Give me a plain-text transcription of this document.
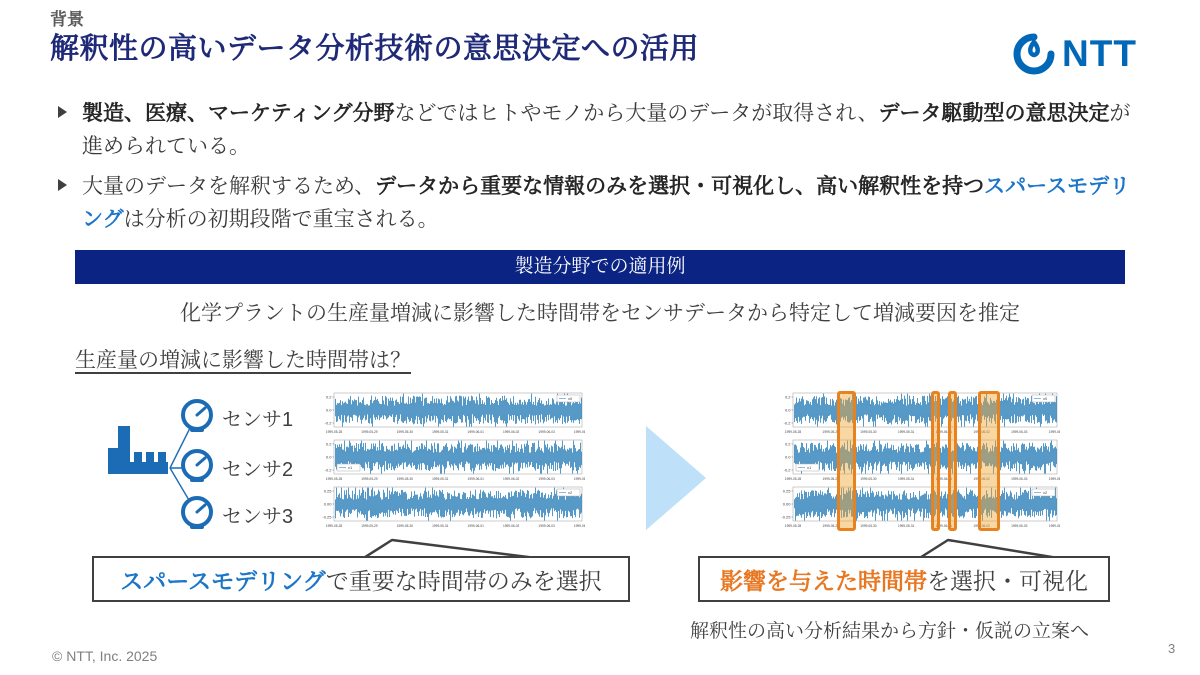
背景
解釈性の高いデータ分析技術の意思決定への活用	NTT
製造、医療、マーケティング分野などではヒトやモノから大量のデータが取得され、データ駆動型の意思決定が進められている。
大量のデータを解釈するため、データから重要な情報のみを選択・可視化し、高い解釈性を持つスパースモデリングは分析の初期段階で重宝される。
製造分野での適用例
化学プラントの生産量増減に影響した時間帯をセンサデータから特定して増減要因を推定
生産量の増減に影響した時間帯は？
センサ1
センサ2
センサ3
スパースモデリング で重要な時間帯のみを選択	影響を与えた時間帯 を選択・可視化
解釈性の高い分析結果から方針・仮説の立案へ
© NTT, Inc. 2025	3
